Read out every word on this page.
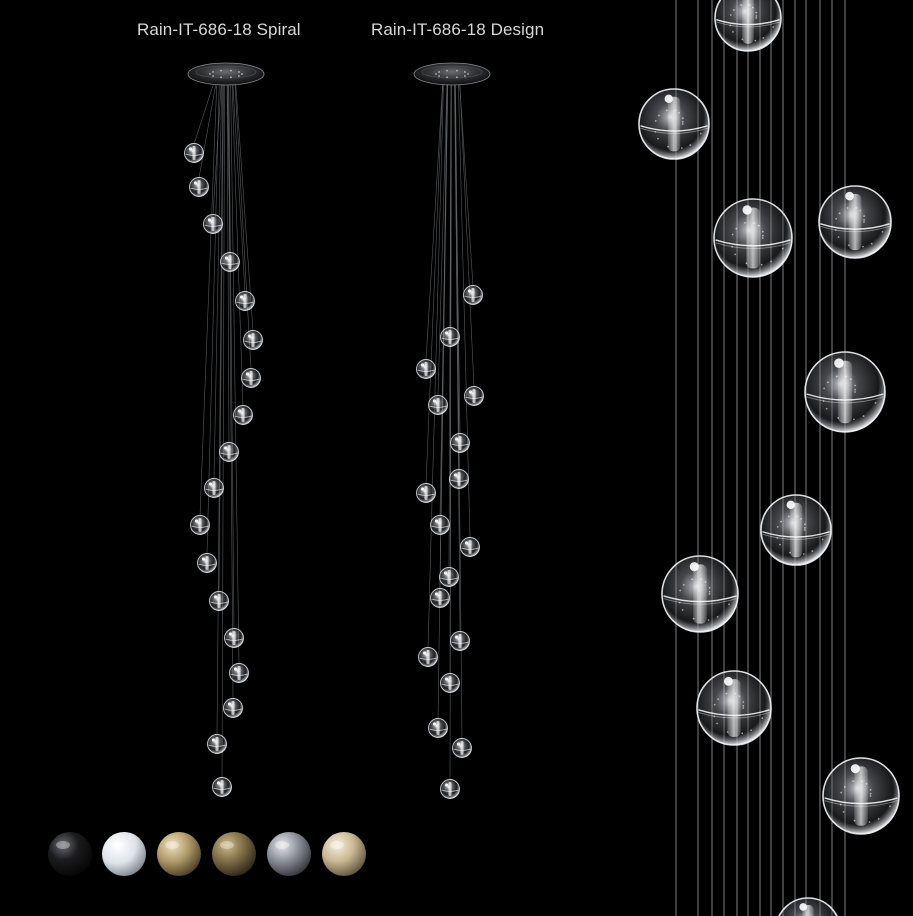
Rain-IT-686-18 Spiral	Rain-IT-686-18 Design
